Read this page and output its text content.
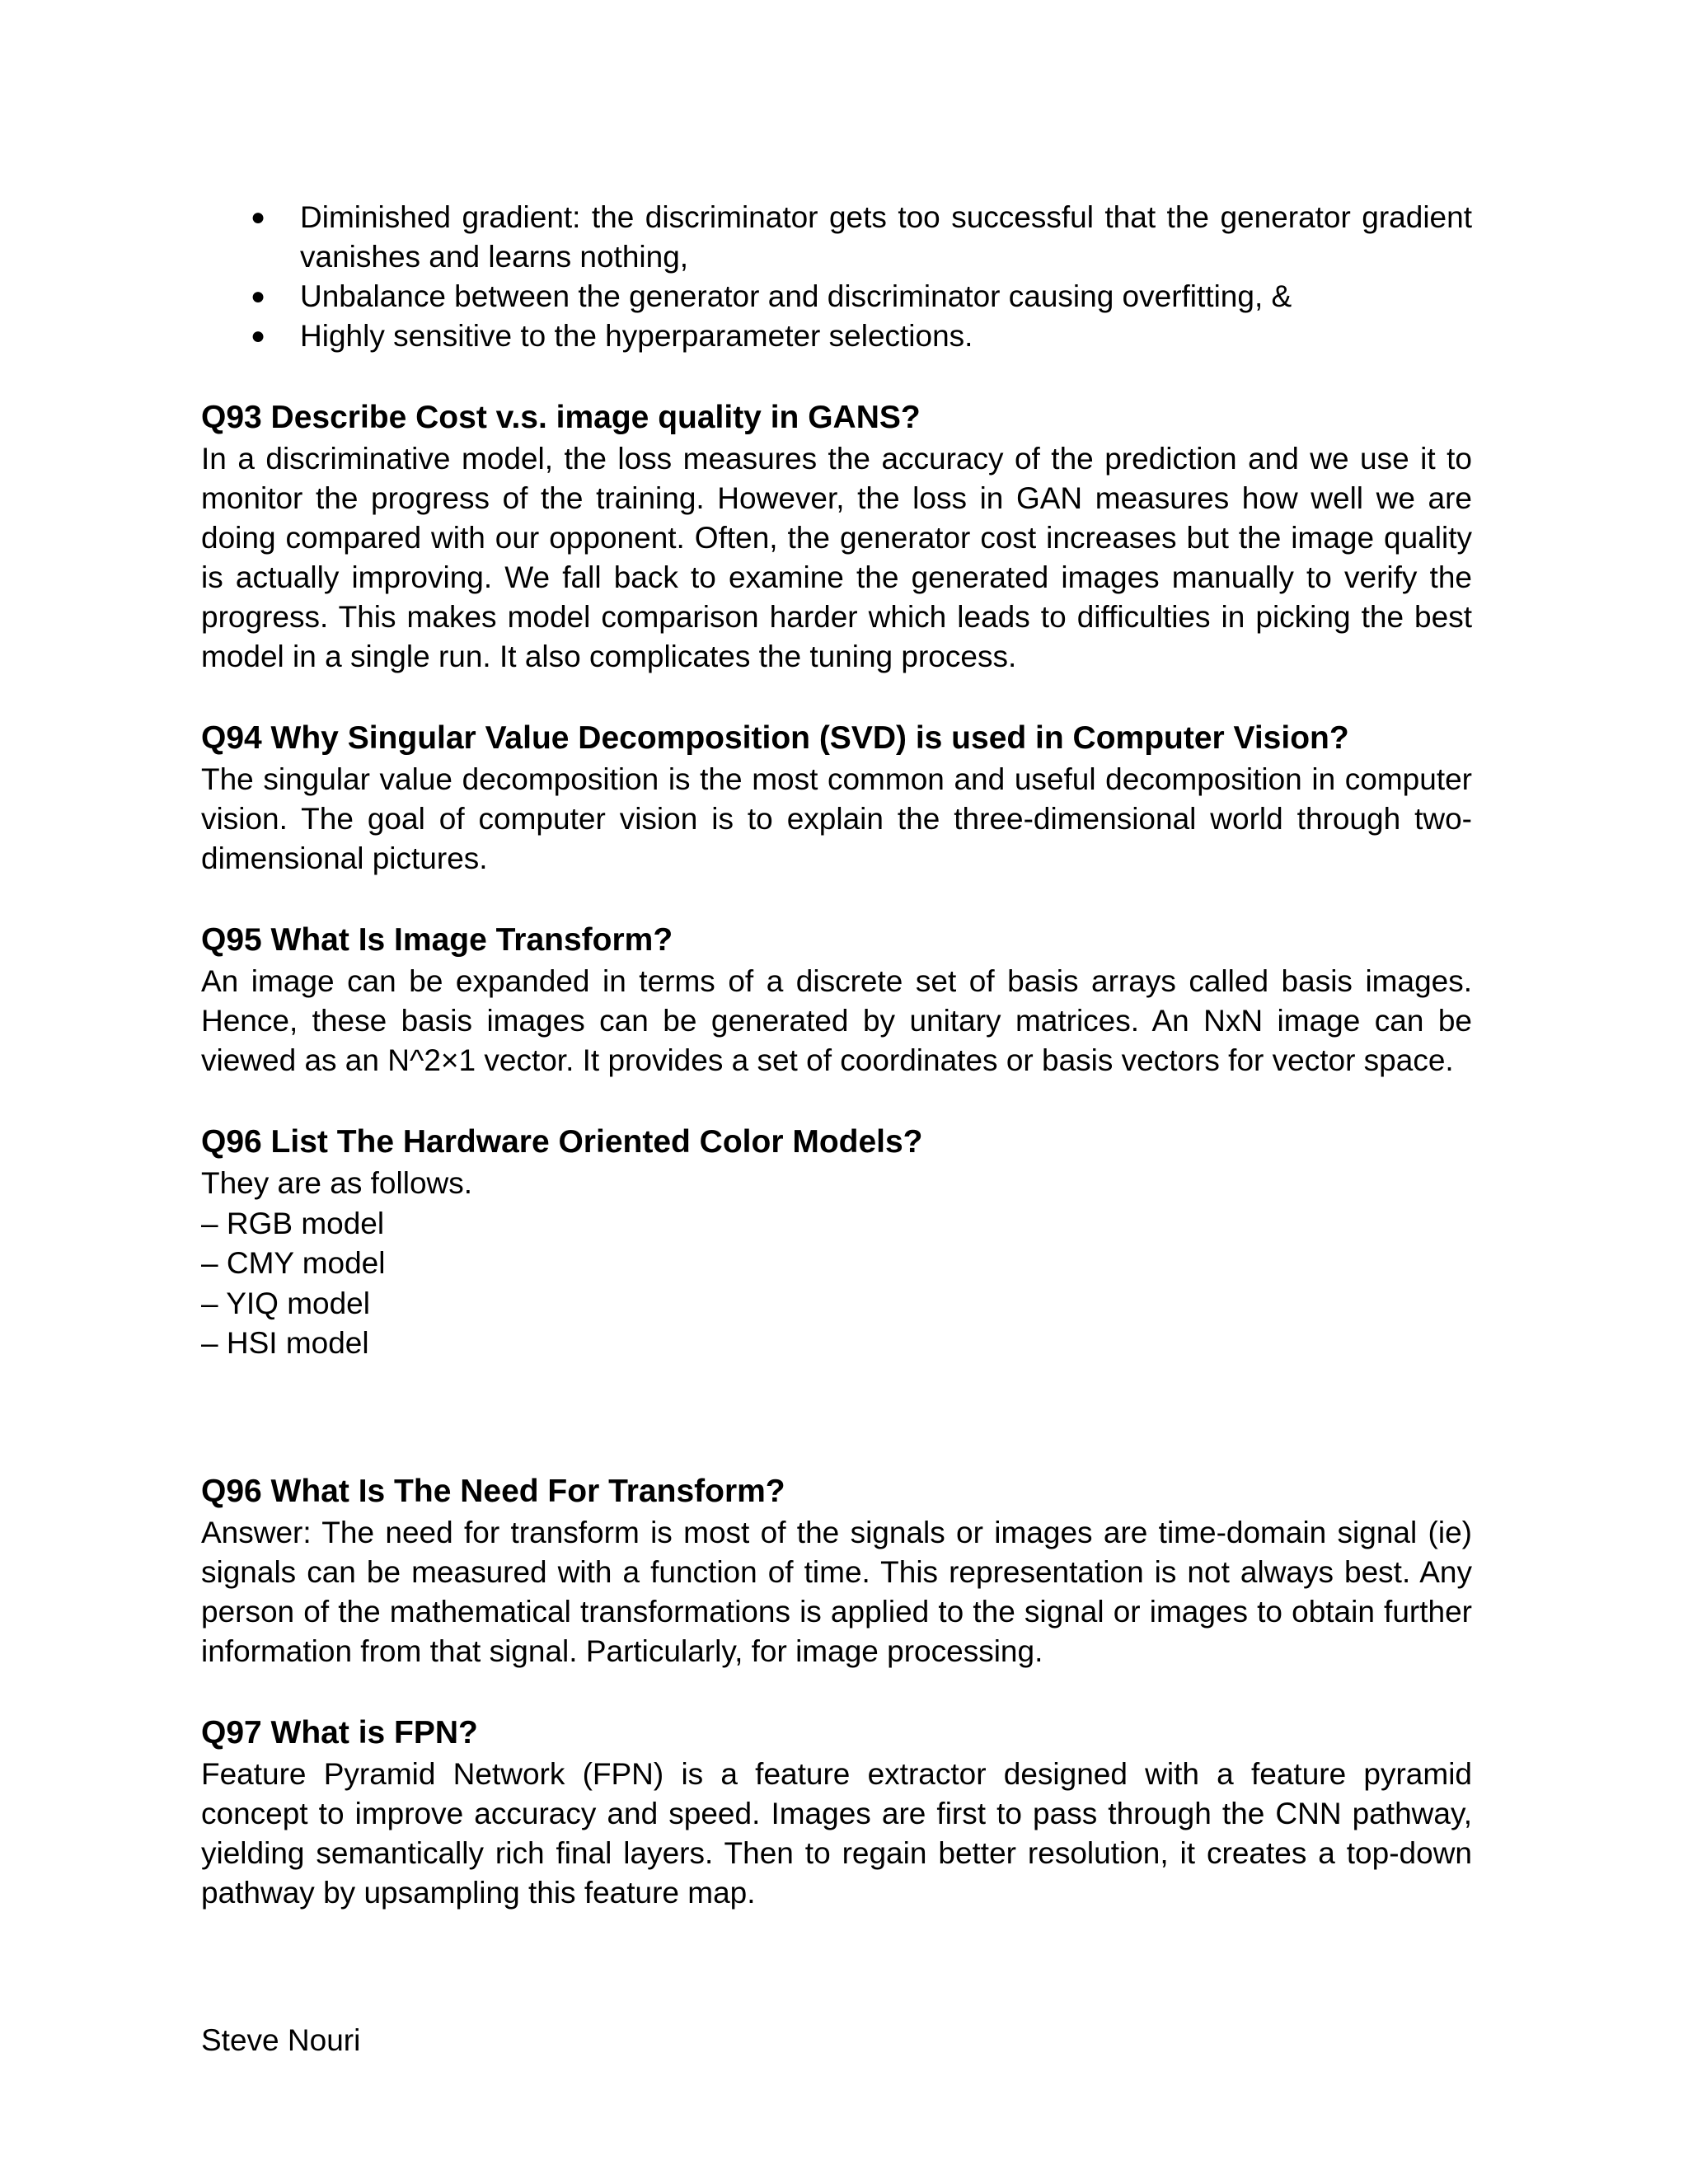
● Diminished gradient: the discriminator gets too successful that the generator gradient vanishes and learns nothing,
● Unbalance between the generator and discriminator causing overfitting, &
● Highly sensitive to the hyperparameter selections.
Q93 Describe Cost v.s. image quality in GANS?

In a discriminative model, the loss measures the accuracy of the prediction and we use it to monitor the progress of the training. However, the loss in GAN measures how well we are doing compared with our opponent. Often, the generator cost increases but the image quality is actually improving. We fall back to examine the generated images manually to verify the progress. This makes model comparison harder which leads to difficulties in picking the best model in a single run. It also complicates the tuning process.

Q94 Why Singular Value Decomposition (SVD) is used in Computer Vision?

The singular value decomposition is the most common and useful decomposition in computer vision. The goal of computer vision is to explain the three-dimensional world through two-dimensional pictures.

Q95 What Is Image Transform?

An image can be expanded in terms of a discrete set of basis arrays called basis images. Hence, these basis images can be generated by unitary matrices. An NxN image can be viewed as an N^2×1 vector. It provides a set of coordinates or basis vectors for vector space.

Q96 List The Hardware Oriented Color Models?

They are as follows.

– RGB model

– CMY model

– YIQ model

– HSI model

Q96 What Is The Need For Transform?

Answer: The need for transform is most of the signals or images are time-domain signal (ie) signals can be measured with a function of time. This representation is not always best. Any person of the mathematical transformations is applied to the signal or images to obtain further information from that signal. Particularly, for image processing.

Q97 What is FPN?

Feature Pyramid Network (FPN) is a feature extractor designed with a feature pyramid concept to improve accuracy and speed. Images are first to pass through the CNN pathway, yielding semantically rich final layers. Then to regain better resolution, it creates a top-down pathway by upsampling this feature map.

Steve Nouri
